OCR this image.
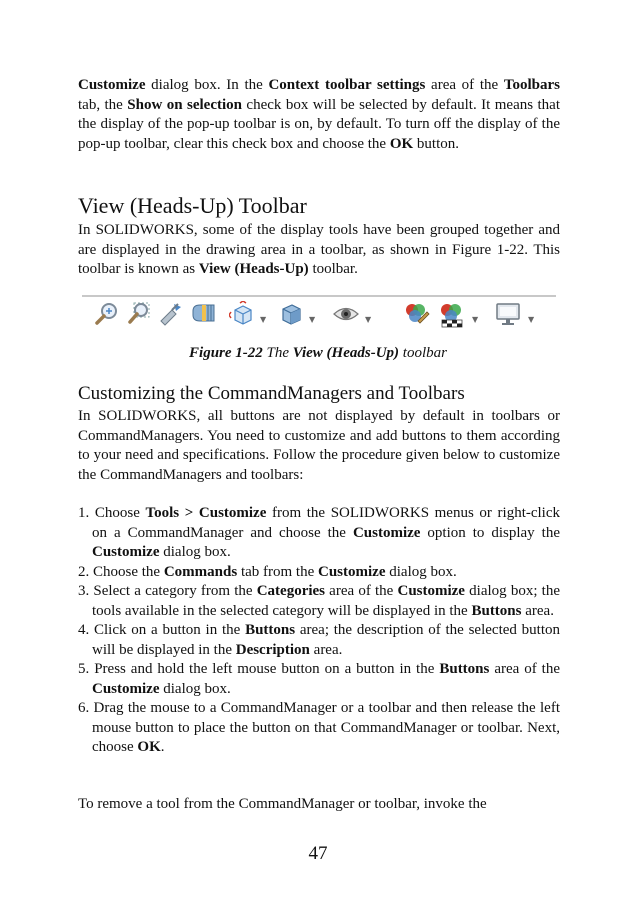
Customize dialog box. In the Context toolbar settings area of the Toolbars tab, the Show on selection check box will be selected by default. It means that the display of the pop-up toolbar is on, by default. To turn off the display of the pop-up toolbar, clear this check box and choose the OK button.

View (Heads-Up) Toolbar

In SOLIDWORKS, some of the display tools have been grouped together and are displayed in the drawing area in a toolbar, as shown in Figure 1-22. This toolbar is known as View (Heads-Up) toolbar.

▼	▼	▼	▼	▼

Figure 1-22 The View (Heads-Up) toolbar

Customizing the CommandManagers and Toolbars

In SOLIDWORKS, all buttons are not displayed by default in toolbars or CommandManagers. You need to customize and add buttons to them according to your need and specifications. Follow the procedure given below to customize the CommandManagers and toolbars:

1. Choose Tools > Customize from the SOLIDWORKS menus or right-click on a CommandManager and choose the Customize option to display the Customize dialog box.
2. Choose the Commands tab from the Customize dialog box.
3. Select a category from the Categories area of the Customize dialog box; the tools available in the selected category will be displayed in the Buttons area.
4. Click on a button in the Buttons area; the description of the selected button will be displayed in the Description area.
5. Press and hold the left mouse button on a button in the Buttons area of the Customize dialog box.
6. Drag the mouse to a CommandManager or a toolbar and then release the left mouse button to place the button on that CommandManager or toolbar. Next, choose OK.

To remove a tool from the CommandManager or toolbar, invoke the

47
